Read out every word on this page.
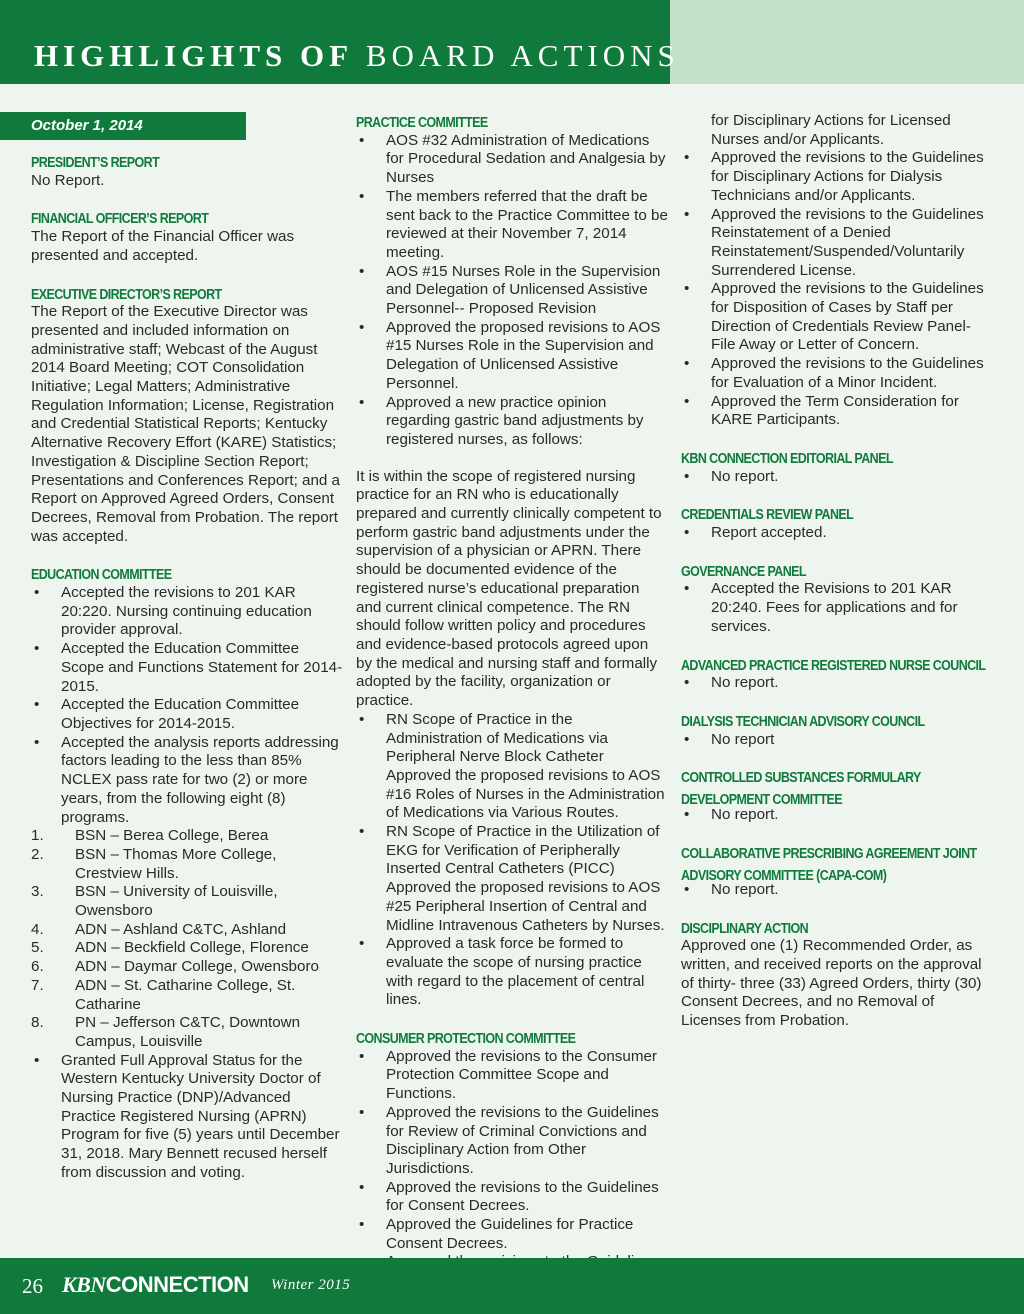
HIGHLIGHTS OF BOARD ACTIONS
October 1, 2014
PRESIDENT’S REPORT

No Report.

FINANCIAL OFFICER’S REPORT

The Report of the Financial Officer was presented and accepted.

EXECUTIVE DIRECTOR’S REPORT

The Report of the Executive Director was presented and included information on administrative staff; Webcast of the August 2014 Board Meeting; COT Consolidation Initiative; Legal Matters; Administrative Regulation Information; License, Registration and Credential Statistical Reports; Kentucky Alternative Recovery Effort (KARE) Statistics; Investigation & Discipline Section Report; Presentations and Conferences Report; and a Report on Approved Agreed Orders, Consent Decrees, Removal from Probation. The report was accepted.

EDUCATION COMMITTEE
• Accepted the revisions to 201 KAR 20:220. Nursing continuing education provider approval.
• Accepted the Education Committee Scope and Functions Statement for 2014-2015.
• Accepted the Education Committee Objectives for 2014-2015.
• Accepted the analysis reports addressing factors leading to the less than 85% NCLEX pass rate for two (2) or more years, from the following eight (8) programs.
1. BSN – Berea College, Berea
2. BSN – Thomas More College, Crestview Hills.
3. BSN – University of Louisville, Owensboro
4. ADN – Ashland C&TC, Ashland
5. ADN – Beckfield College, Florence
6. ADN – Daymar College, Owensboro
7. ADN – St. Catharine College, St. Catharine
8. PN – Jefferson C&TC, Downtown Campus, Louisville
• Granted Full Approval Status for the Western Kentucky University Doctor of Nursing Practice (DNP)/Advanced Practice Registered Nursing (APRN) Program for five (5) years until December 31, 2018. Mary Bennett recused herself from discussion and voting.
PRACTICE COMMITTEE
• AOS #32 Administration of Medications for Procedural Sedation and Analgesia by Nurses
• The members referred that the draft be sent back to the Practice Committee to be reviewed at their November 7, 2014 meeting.
• AOS #15 Nurses Role in the Supervision and Delegation of Unlicensed Assistive Personnel-- Proposed Revision
• Approved the proposed revisions to AOS #15 Nurses Role in the Supervision and Delegation of Unlicensed Assistive Personnel.
• Approved a new practice opinion regarding gastric band adjustments by registered nurses, as follows:

It is within the scope of registered nursing practice for an RN who is educationally prepared and currently clinically competent to perform gastric band adjustments under the supervision of a physician or APRN. There should be documented evidence of the registered nurse’s educational preparation and current clinical competence. The RN should follow written policy and procedures and evidence-based protocols agreed upon by the medical and nursing staff and formally adopted by the facility, organization or practice.

• RN Scope of Practice in the Administration of Medications via Peripheral Nerve Block Catheter

Approved the proposed revisions to AOS #16 Roles of Nurses in the Administration of Medications via Various Routes.

• RN Scope of Practice in the Utilization of EKG for Verification of Peripherally Inserted Central Catheters (PICC)

Approved the proposed revisions to AOS #25 Peripheral Insertion of Central and Midline Intravenous Catheters by Nurses.

• Approved a task force be formed to evaluate the scope of nursing practice with regard to the placement of central lines.
CONSUMER PROTECTION COMMITTEE
• Approved the revisions to the Consumer Protection Committee Scope and Functions.
• Approved the revisions to the Guidelines for Review of Criminal Convictions and Disciplinary Action from Other Jurisdictions.
• Approved the revisions to the Guidelines for Consent Decrees.
• Approved the Guidelines for Practice Consent Decrees.
•

for Disciplinary Actions for Licensed Nurses and/or Applicants.

• Approved the revisions to the Guidelines for Disciplinary Actions for Dialysis Technicians and/or Applicants.
• Approved the revisions to the Guidelines Reinstatement of a Denied Reinstatement/Suspended/Voluntarily Surrendered License.
• Approved the revisions to the Guidelines for Disposition of Cases by Staff per Direction of Credentials Review Panel-File Away or Letter of Concern.
• Approved the revisions to the Guidelines for Evaluation of a Minor Incident.
• Approved the Term Consideration for KARE Participants.
KBN CONNECTION EDITORIAL PANEL
• No report.
CREDENTIALS REVIEW PANEL
• Report accepted.
GOVERNANCE PANEL
• Accepted the Revisions to 201 KAR 20:240. Fees for applications and for services.
ADVANCED PRACTICE REGISTERED NURSE COUNCIL
• No report.
DIALYSIS TECHNICIAN ADVISORY COUNCIL
• No report
CONTROLLED SUBSTANCES FORMULARY DEVELOPMENT COMMITTEE
• No report.
COLLABORATIVE PRESCRIBING AGREEMENT JOINT ADVISORY COMMITTEE (CAPA-COM)
• No report.
DISCIPLINARY ACTION

Approved one (1) Recommended Order, as written, and received reports on the approval of thirty- three (33) Agreed Orders, thirty (30) Consent Decrees, and no Removal of Licenses from Probation.

26 KBNCONNECTION Winter 2015
